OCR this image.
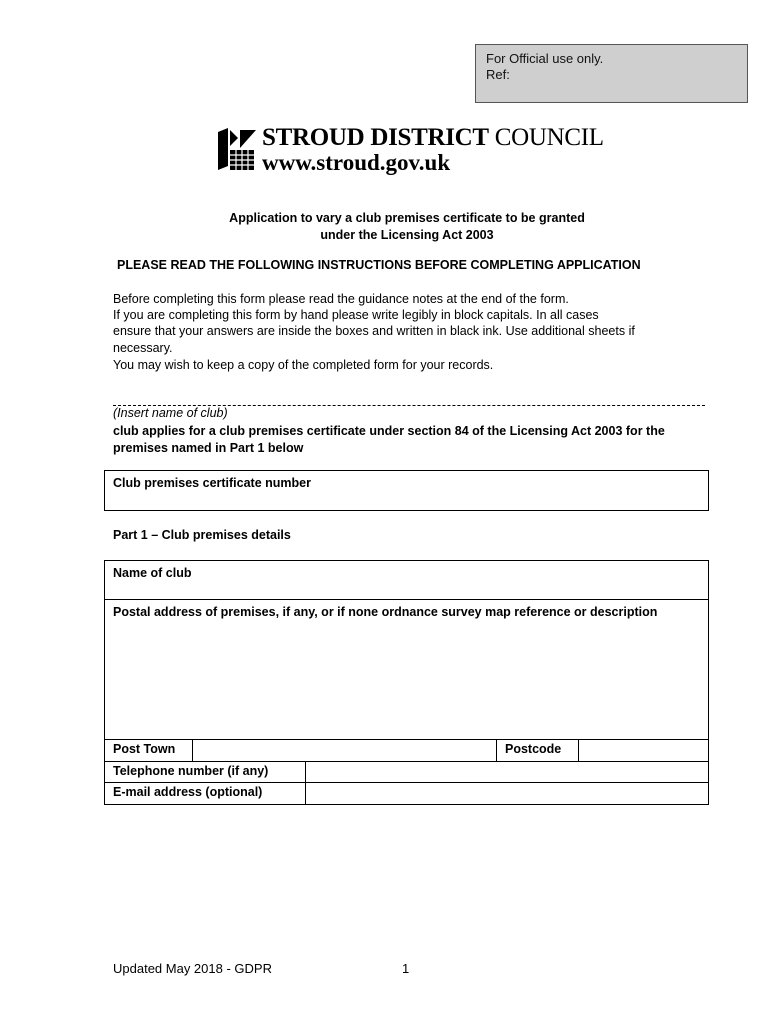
For Official use only.
Ref:
STROUD DISTRICT COUNCIL
www.stroud.gov.uk
Application to vary a club premises certificate to be granted
under the Licensing Act 2003
PLEASE READ THE FOLLOWING INSTRUCTIONS BEFORE COMPLETING APPLICATION
Before completing this form please read the guidance notes at the end of the form.
If you are completing this form by hand please write legibly in block capitals. In all cases
ensure that your answers are inside the boxes and written in black ink. Use additional sheets if
necessary.
You may wish to keep a copy of the completed form for your records.
(Insert name of club)
club applies for a club premises certificate under section 84 of the Licensing Act 2003 for the premises named in Part 1 below
Club premises certificate number
Part 1 – Club premises details
Name of club
Postal address of premises, if any, or if none ordnance survey map reference or description
Post Town	Postcode
Telephone number (if any)
E-mail address (optional)
Updated May 2018 - GDPR	1
